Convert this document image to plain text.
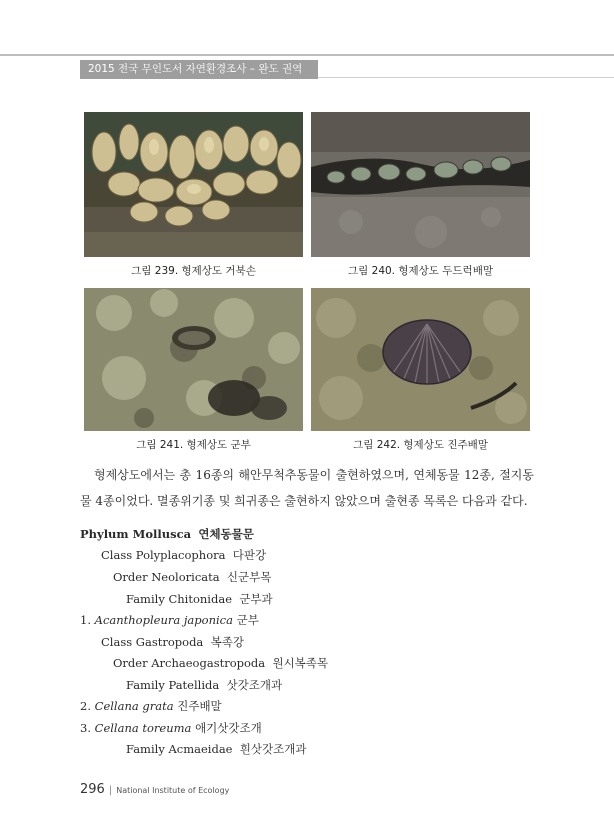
2015 전국 무인도서 자연환경조사 – 완도 권역
그림 239. 형제상도 거북손	그림 240. 형제상도 두드럭배말
그림 241. 형제상도 군부	그림 242. 형제상도 진주배말
형제상도에서는 총 16종의 해안무척추동물이 출현하였으며, 연체동물 12종, 절지동물 4종이었다. 멸종위기종 및 희귀종은 출현하지 않았으며 출현종 목록은 다음과 같다.
Phylum Mollusca 연체동물문
Class Polyplacophora 다판강
Order Neoloricata 신군부목
Family Chitonidae 군부과
1. Acanthopleura japonica 군부
Class Gastropoda 복족강
Order Archaeogastropoda 원시복족목
Family Patellida 삿갓조개과
2. Cellana grata 진주배말
3. Cellana toreuma 애기삿갓조개
Family Acmaeidae 흰삿갓조개과
296 | National Institute of Ecology
